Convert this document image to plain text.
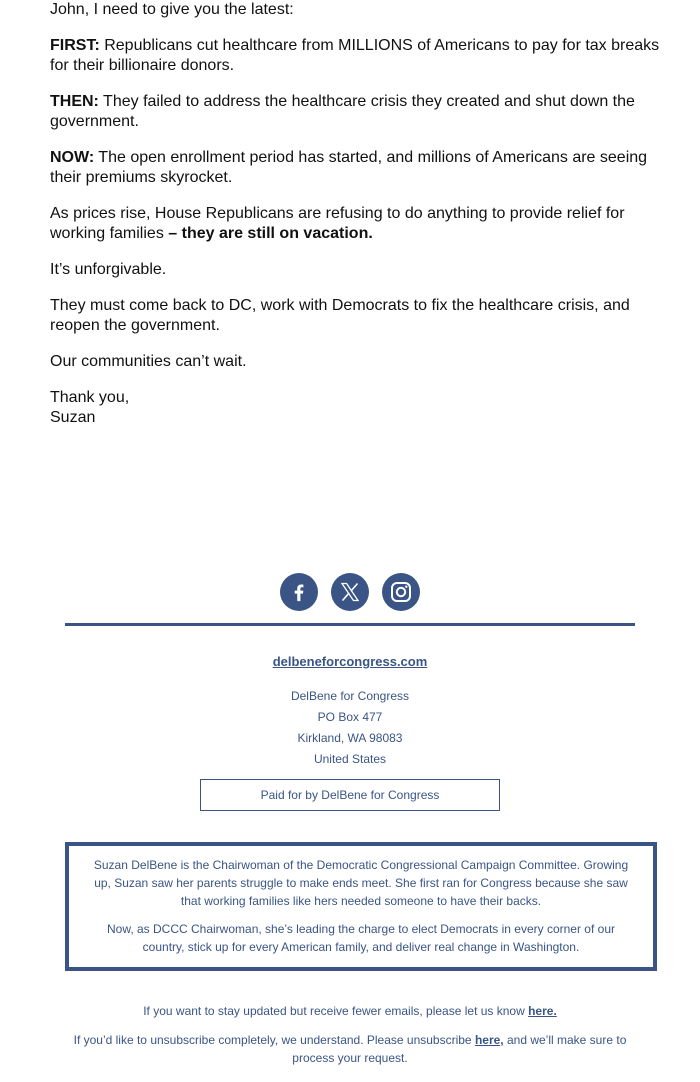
John, I need to give you the latest:

FIRST: Republicans cut healthcare from MILLIONS of Americans to pay for tax breaks for their billionaire donors.

THEN: They failed to address the healthcare crisis they created and shut down the government.

NOW: The open enrollment period has started, and millions of Americans are seeing their premiums skyrocket.

As prices rise, House Republicans are refusing to do anything to provide relief for working families – they are still on vacation.

It’s unforgivable.

They must come back to DC, work with Democrats to fix the healthcare crisis, and reopen the government.

Our communities can’t wait.

Thank you,
Suzan

delbeneforcongress.com
DelBene for Congress
PO Box 477
Kirkland, WA 98083
United States
Paid for by DelBene for Congress

Suzan DelBene is the Chairwoman of the Democratic Congressional Campaign Committee. Growing up, Suzan saw her parents struggle to make ends meet. She first ran for Congress because she saw that working families like hers needed someone to have their backs.

Now, as DCCC Chairwoman, she’s leading the charge to elect Democrats in every corner of our country, stick up for every American family, and deliver real change in Washington.

If you want to stay updated but receive fewer emails, please let us know here.
If you’d like to unsubscribe completely, we understand. Please unsubscribe here, and we’ll make sure to process your request.
